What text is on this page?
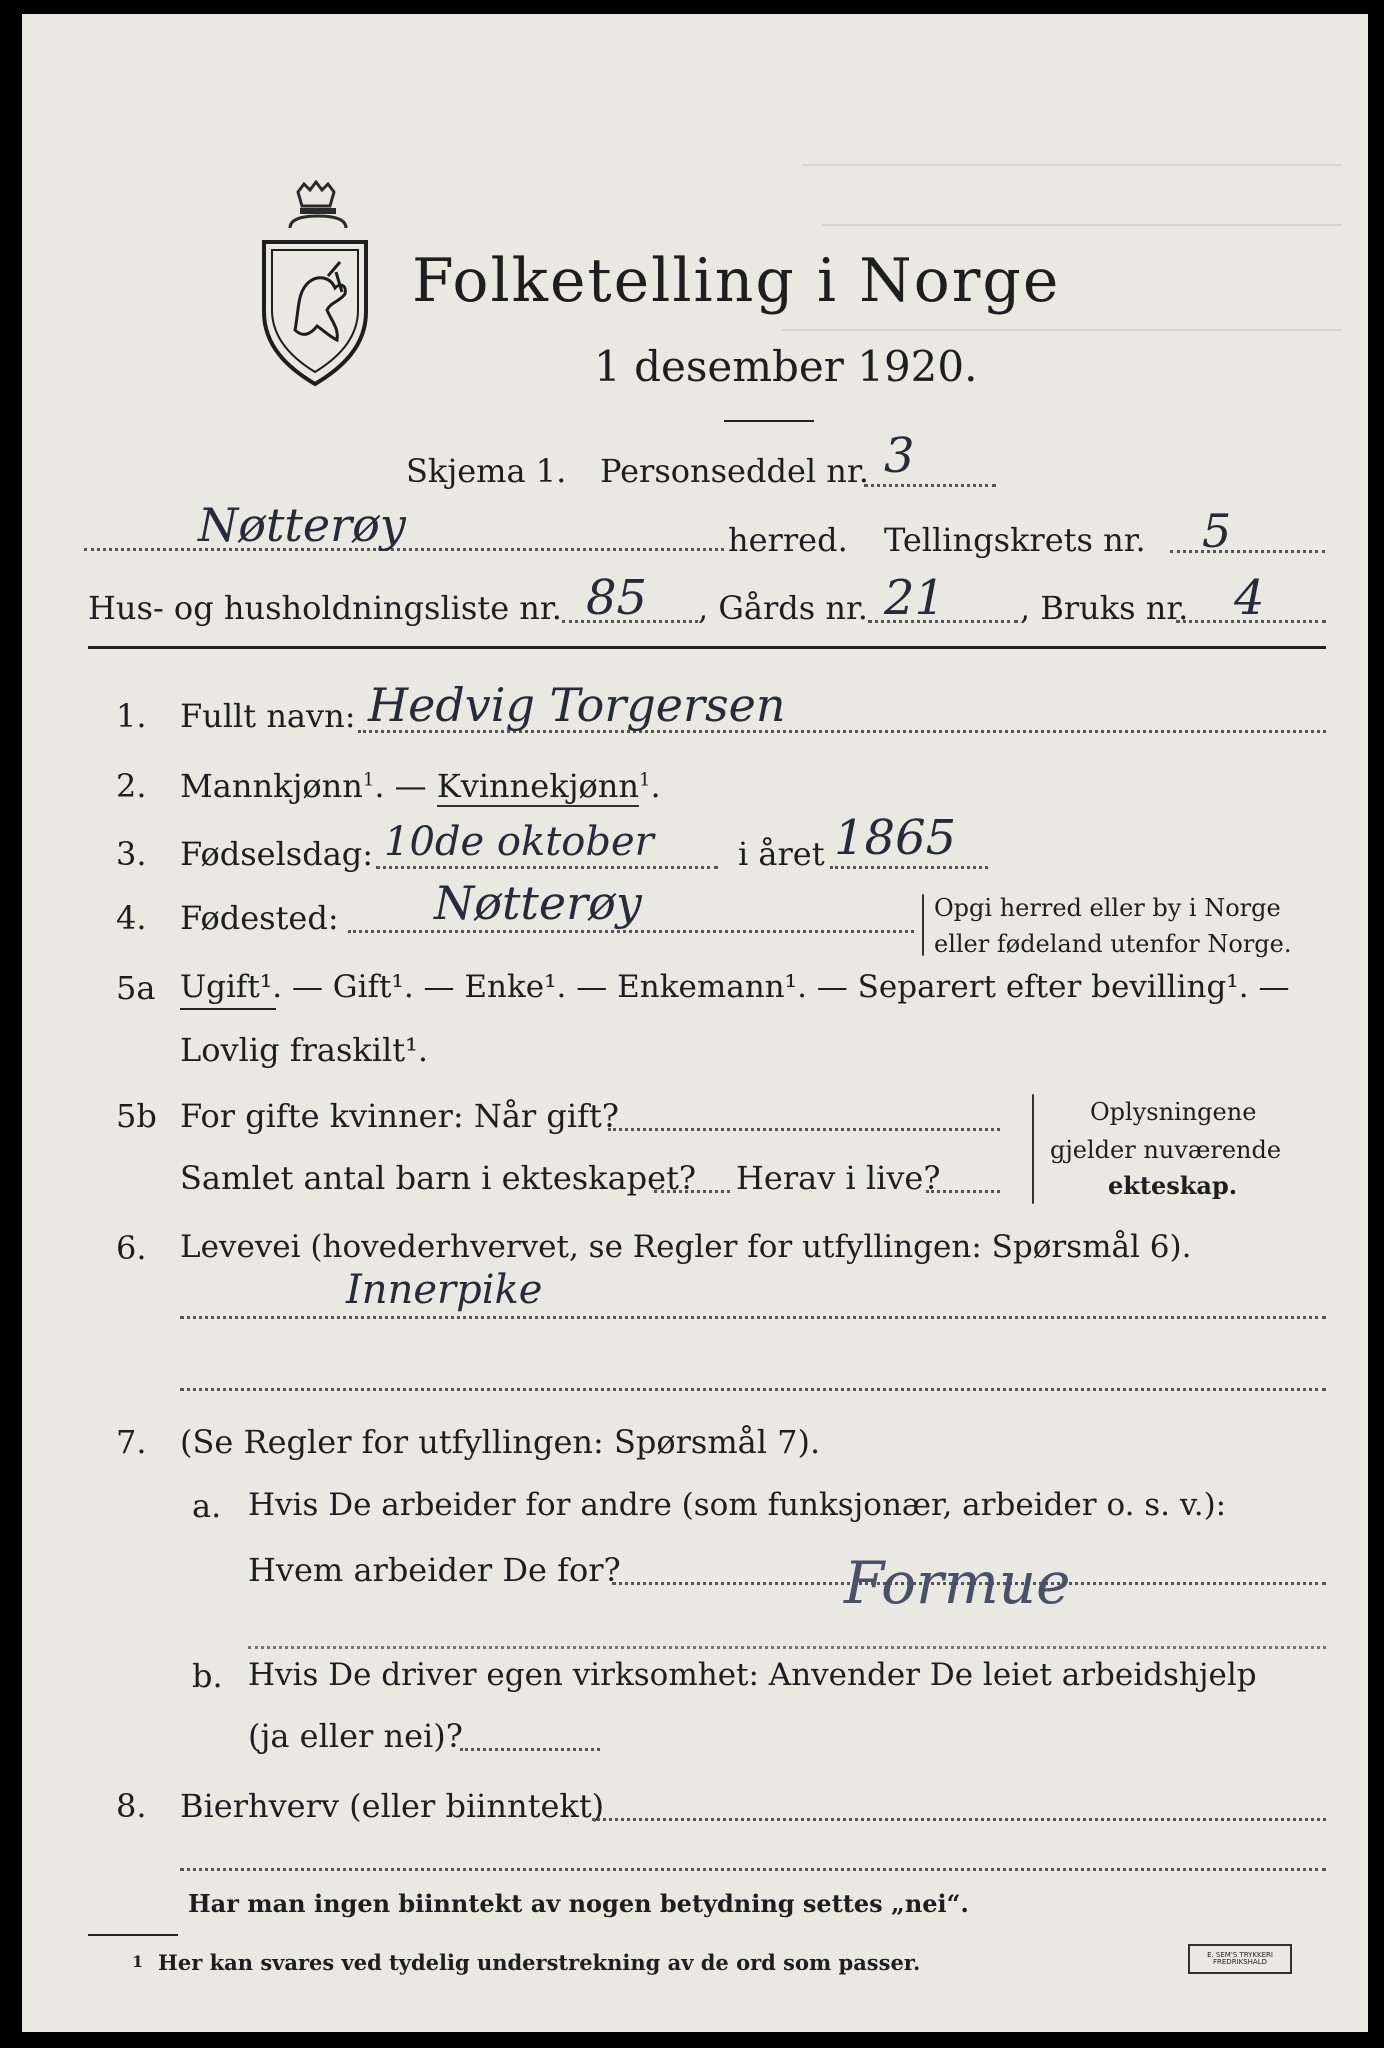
Folketelling i Norge
1 desember 1920.
Skjema 1. Personseddel nr. 3
Nøtterøy	herred. Tellingskrets nr. 5
Hus- og husholdningsliste nr. 85 , Gårds nr. 21 , Bruks nr. 4
1. Fullt navn: Hedvig Torgersen
2. Mannkjønn$^1$. — Kvinnekjønn$^1$.
3. Fødselsdag: 10de oktober	i året 1865
4. Fødested: Nøtterøy	Opgi herred eller by i Norge
eller fødeland utenfor Norge.
5a Ugift¹. — Gift¹. — Enke¹. — Enkemann¹. — Separert efter bevilling¹. —
Lovlig fraskilt¹.
5b For gifte kvinner: Når gift?
Samlet antal barn i ekteskapet? Herav i live?
Oplysningene
gjelder nuværende
ekteskap.
6. Levevei (hovederhvervet, se Regler for utfyllingen: Spørsmål 6).
Innerpike
7. (Se Regler for utfyllingen: Spørsmål 7).
a. Hvis De arbeider for andre (som funksjonær, arbeider o. s. v.):
Hvem arbeider De for?	Formue
b. Hvis De driver egen virksomhet: Anvender De leiet arbeidshjelp
(ja eller nei)?
8. Bierhverv (eller biinntekt)
Har man ingen biinntekt av nogen betydning settes „nei“.
1 Her kan svares ved tydelig understrekning av de ord som passer.	E. SEM'S TRYKKERI FREDRIKSHALD
